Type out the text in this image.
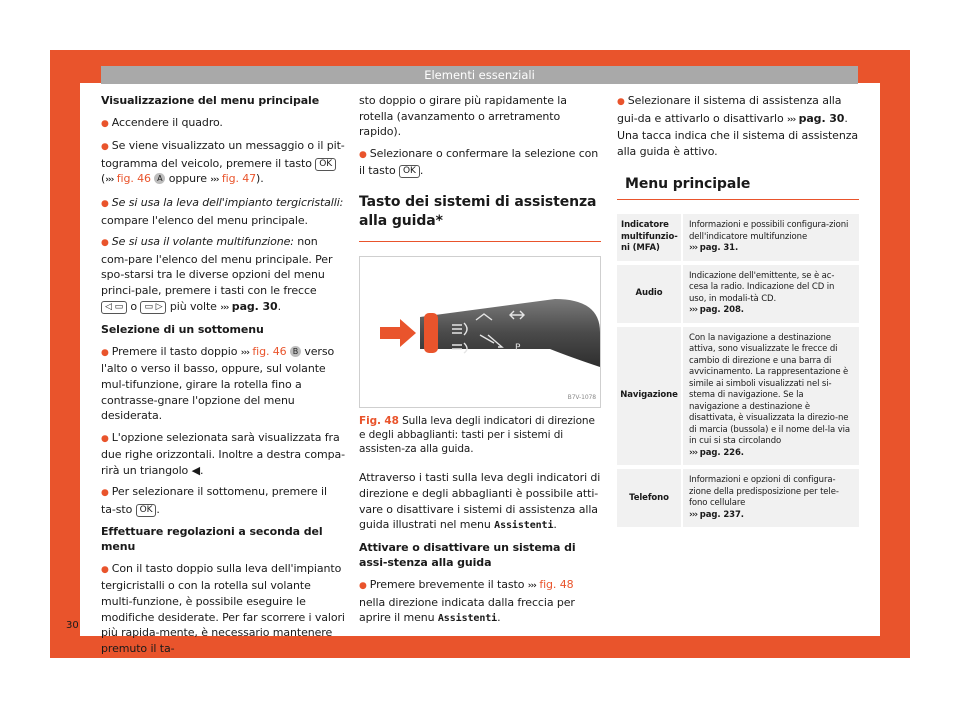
Elementi essenziali

Visualizzazione del menu principale

● Accendere il quadro.

● Se viene visualizzato un messaggio o il pit-togramma del veicolo, premere il tasto OK (››› fig. 46 A oppure ››› fig. 47).

● Se si usa la leva dell'impianto tergicristalli: compare l'elenco del menu principale.

● Se si usa il volante multifunzione: non com-pare l'elenco del menu principale. Per spo-starsi tra le diverse opzioni del menu princi-pale, premere i tasti con le frecce ◁ ▭ o ▭ ▷ più volte ››› pag. 30.

Selezione di un sottomenu

● Premere il tasto doppio ››› fig. 46 B verso l'alto o verso il basso, oppure, sul volante mul-tifunzione, girare la rotella fino a contrasse-gnare l'opzione del menu desiderata.

● L'opzione selezionata sarà visualizzata fra due righe orizzontali. Inoltre a destra compa-rirà un triangolo ◀.

● Per selezionare il sottomenu, premere il ta-sto OK .

Effettuare regolazioni a seconda del menu

● Con il tasto doppio sulla leva dell'impianto tergicristalli o con la rotella sul volante multi-funzione, è possibile eseguire le modifiche desiderate. Per far scorrere i valori più rapida-mente, è necessario mantenere premuto il ta-

sto doppio o girare più rapidamente la rotella (avanzamento o arretramento rapido).

● Selezionare o confermare la selezione con il tasto OK .

Tasto dei sistemi di assistenza alla guida*
P
B7V-1078
Fig. 48 Sulla leva degli indicatori di direzione e degli abbaglianti: tasti per i sistemi di assisten-za alla guida.

Attraverso i tasti sulla leva degli indicatori di direzione e degli abbaglianti è possibile atti-vare o disattivare i sistemi di assistenza alla guida illustrati nel menu Assistenti.

Attivare o disattivare un sistema di assi-stenza alla guida

● Premere brevemente il tasto ››› fig. 48 nella direzione indicata dalla freccia per aprire il menu Assistenti.

● Selezionare il sistema di assistenza alla gui-da e attivarlo o disattivarlo ››› pag. 30. Una tacca indica che il sistema di assistenza alla guida è attivo.

Menu principale
Indicatore multifunzio-ni (MFA)
Informazioni e possibili configura-zioni dell'indicatore multifunzione
››› pag. 31.
Audio
Indicazione dell'emittente, se è ac-cesa la radio. Indicazione del CD in uso, in modali-tà CD.
››› pag. 208.
Navigazione
Con la navigazione a destinazione attiva, sono visualizzate le frecce di cambio di direzione e una barra di avvicinamento. La rappresentazione è simile ai simboli visualizzati nel si-stema di navigazione. Se la navigazione a destinazione è disattivata, è visualizzata la direzio-ne di marcia (bussola) e il nome del-la via in cui si sta circolando
››› pag. 226.
Telefono
Informazioni e opzioni di configura-zione della predisposizione per tele-fono cellulare
››› pag. 237.
30
